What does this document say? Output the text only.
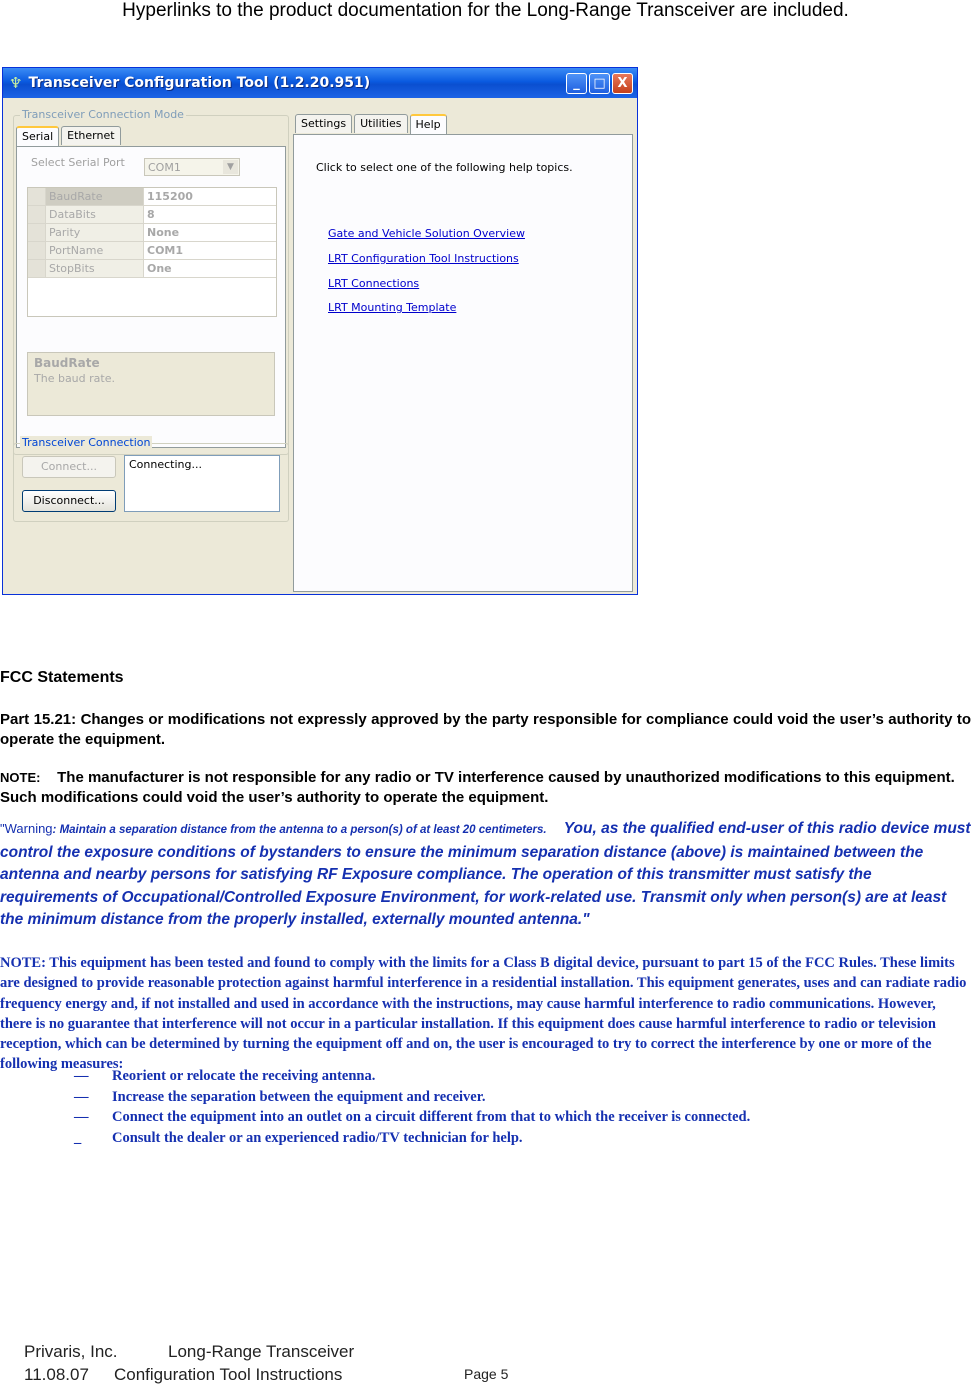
Hyperlinks to the product documentation for the Long-Range Transceiver are included.
♆ Transceiver Configuration Tool (1.2.20.951)	_	□ X
Transceiver Connection Mode
Serial	Ethernet
Select Serial Port	COM1	▼
BaudRate	115200
DataBits	8
Parity	None
PortName	COM1
StopBits	One
BaudRate
The baud rate.
Transceiver Connection
Connect...
Disconnect...
Connecting...
Settings	Utilities	Help
Click to select one of the following help topics.
Gate and Vehicle Solution Overview
LRT Configuration Tool Instructions
LRT Connections
LRT Mounting Template
FCC Statements
Part 15.21: Changes or modifications not expressly approved by the party responsible for compliance could void the user’s authority to operate the equipment.
NOTE: The manufacturer is not responsible for any radio or TV interference caused by unauthorized modifications to this equipment. Such modifications could void the user’s authority to operate the equipment.
"Warning: Maintain a separation distance from the antenna to a person(s) of at least 20 centimeters. You, as the qualified end-user of this radio device must control the exposure conditions of bystanders to ensure the minimum separation distance (above) is maintained between the antenna and nearby persons for satisfying RF Exposure compliance. The operation of this transmitter must satisfy the requirements of Occupational/Controlled Exposure Environment, for work-related use. Transmit only when person(s) are at least the minimum distance from the properly installed, externally mounted antenna."
NOTE: This equipment has been tested and found to comply with the limits for a Class B digital device, pursuant to part 15 of the FCC Rules. These limits are designed to provide reasonable protection against harmful interference in a residential installation. This equipment generates, uses and can radiate radio frequency energy and, if not installed and used in accordance with the instructions, may cause harmful interference to radio communications. However, there is no guarantee that interference will not occur in a particular installation. If this equipment does cause harmful interference to radio or television reception, which can be determined by turning the equipment off and on, the user is encouraged to try to correct the interference by one or more of the following measures:
—	Reorient or relocate the receiving antenna.
—	Increase the separation between the equipment and receiver.
—	Connect the equipment into an outlet on a circuit different from that to which the receiver is connected.
_	Consult the dealer or an experienced radio/TV technician for help.
Privaris, Inc.	Long-Range Transceiver
11.08.07	Configuration Tool Instructions	Page 5
